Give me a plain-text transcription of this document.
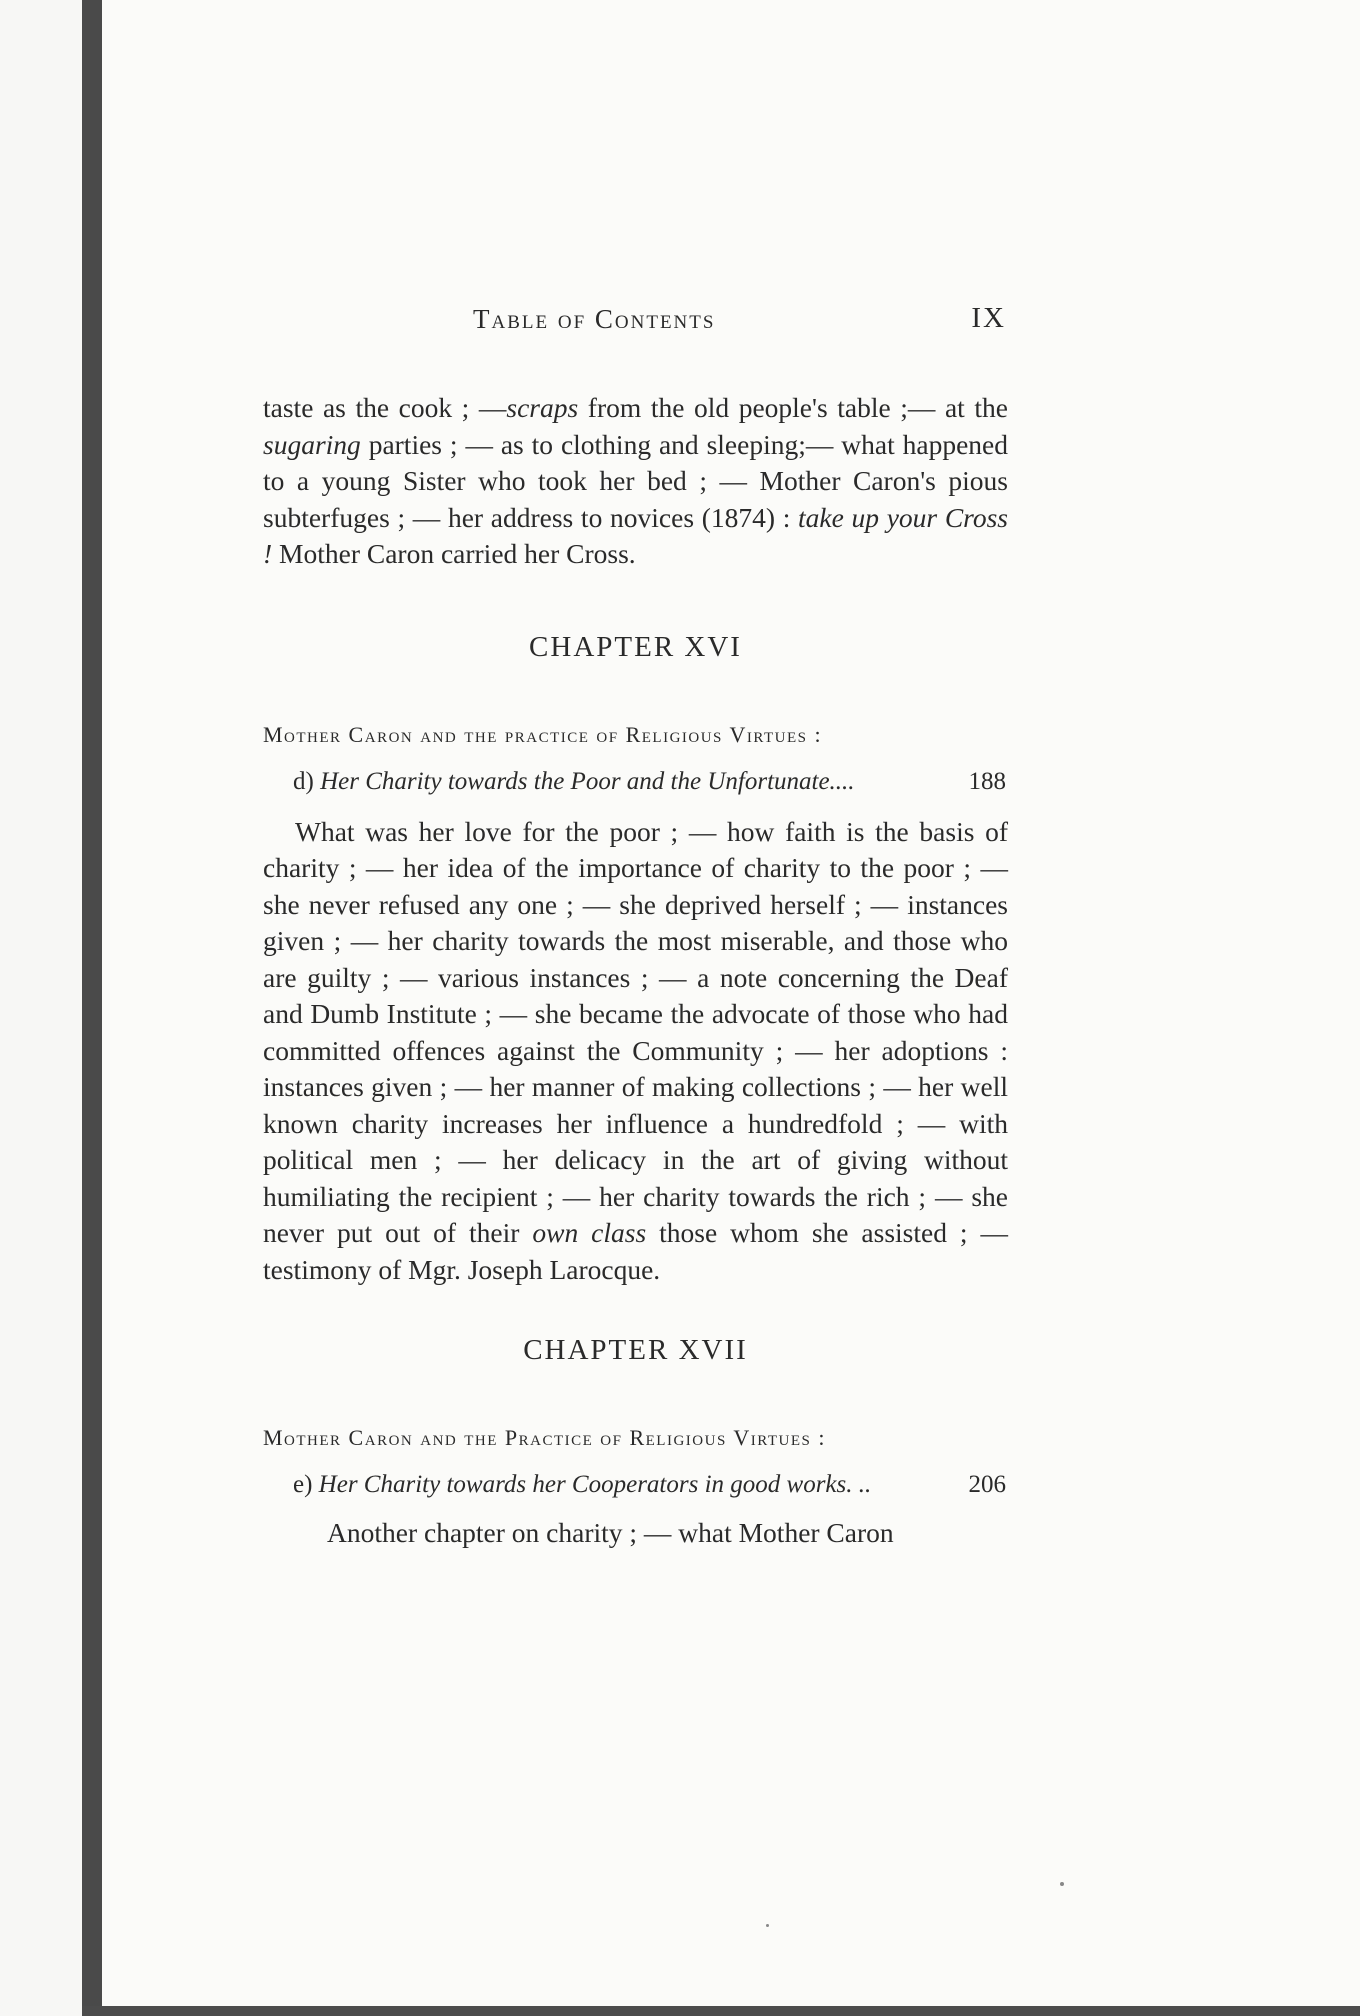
Table of Contents	IX

taste as the cook ; —scraps from the old people's table ;— at the sugaring parties ; — as to clothing and sleeping;— what happened to a young Sister who took her bed ; — Mother Caron's pious subterfuges ; — her address to novices (1874) : take up your Cross ! Mother Caron carried her Cross.

CHAPTER XVI
Mother Caron and the practice of Religious Virtues :
d) Her Charity towards the Poor and the Unfortunate....	188

What was her love for the poor ; — how faith is the basis of charity ; — her idea of the importance of charity to the poor ; — she never refused any one ; — she deprived herself ; — instances given ; — her charity towards the most miserable, and those who are guilty ; — various instances ; — a note concerning the Deaf and Dumb Institute ; — she became the advocate of those who had committed offences against the Community ; — her adoptions : instances given ; — her manner of making collections ; — her well known charity increases her influence a hundredfold ; — with political men ; — her delicacy in the art of giving without humiliating the recipient ; — her charity towards the rich ; — she never put out of their own class those whom she assisted ; — testimony of Mgr. Joseph Larocque.

CHAPTER XVII
Mother Caron and the Practice of Religious Virtues :
e) Her Charity towards her Cooperators in good works. ..	206

Another chapter on charity ; — what Mother Caron
